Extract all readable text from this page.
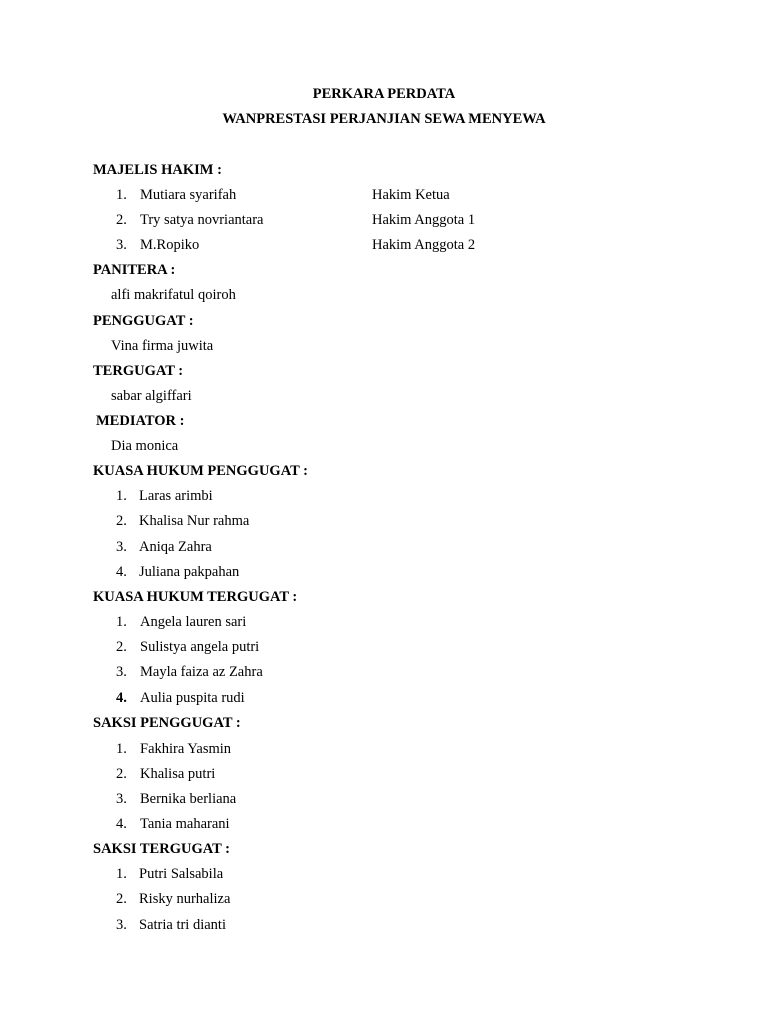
PERKARA PERDATA
WANPRESTASI PERJANJIAN SEWA MENYEWA
MAJELIS HAKIM :
1. Mutiara syarifah	Hakim Ketua
2. Try satya novriantara	Hakim Anggota 1
3. M.Ropiko	Hakim Anggota 2
PANITERA :
alfi makrifatul qoiroh
PENGGUGAT :
Vina firma juwita
TERGUGAT :
sabar algiffari
MEDIATOR :
Dia monica
KUASA HUKUM PENGGUGAT :
1. Laras arimbi
2. Khalisa Nur rahma
3. Aniqa Zahra
4. Juliana pakpahan
KUASA HUKUM TERGUGAT :
1. Angela lauren sari
2. Sulistya angela putri
3. Mayla faiza az Zahra
4. Aulia puspita rudi
SAKSI PENGGUGAT :
1. Fakhira Yasmin
2. Khalisa putri
3. Bernika berliana
4. Tania maharani
SAKSI TERGUGAT :
1. Putri Salsabila
2. Risky nurhaliza
3. Satria tri dianti
